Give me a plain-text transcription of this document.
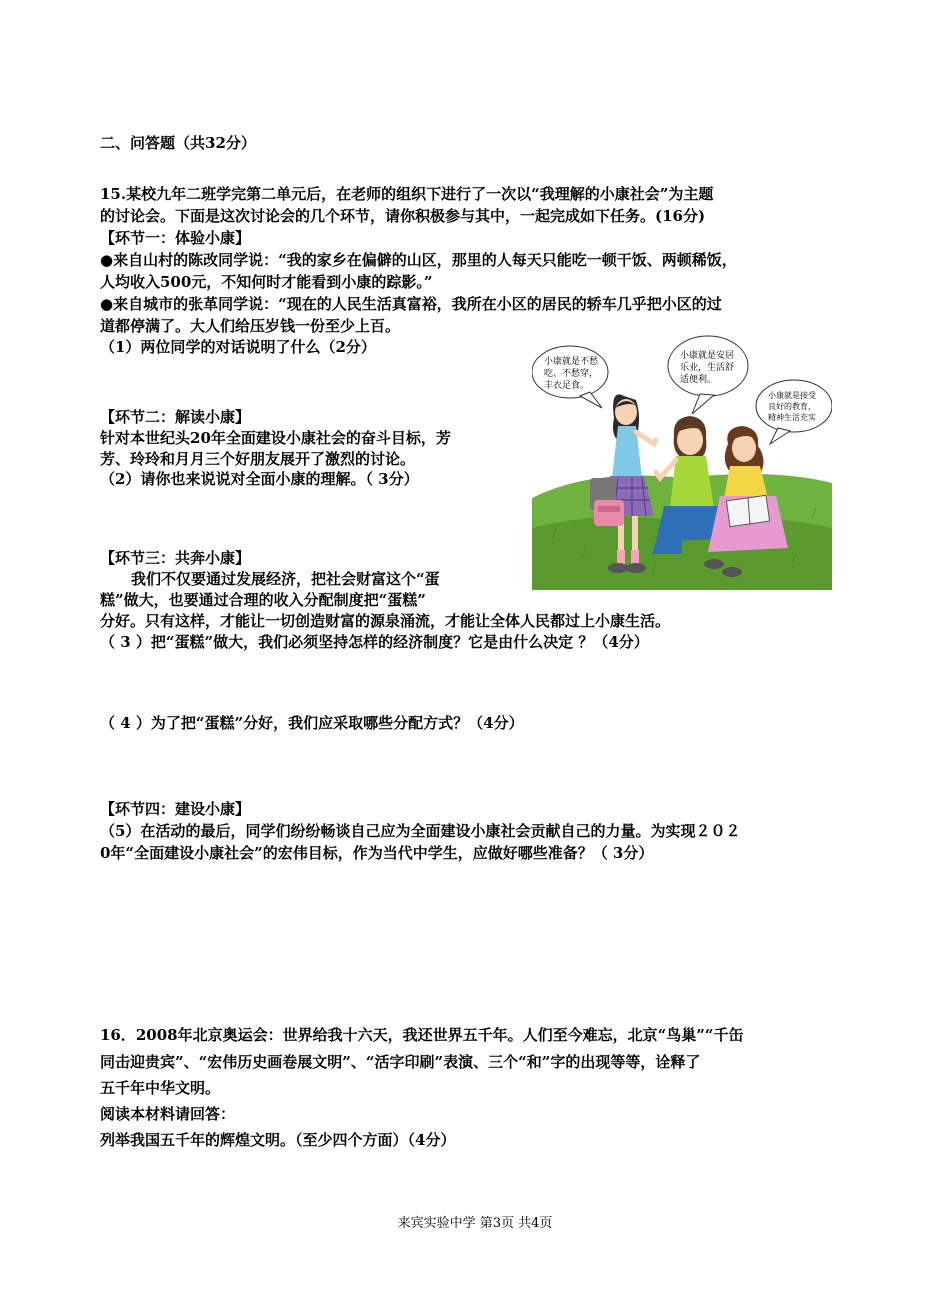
二、问答题（共32分）
15.某校九年二班学完第二单元后，在老师的组织下进行了一次以“我理解的小康社会”为主题
的讨论会。下面是这次讨论会的几个环节，请你积极参与其中，一起完成如下任务。(16分)
【环节一：体验小康】
●来自山村的陈改同学说：“我的家乡在偏僻的山区，那里的人每天只能吃一顿干饭、两顿稀饭，
人均收入500元，不知何时才能看到小康的踪影。”
●来自城市的张革同学说：“现在的人民生活真富裕，我所在小区的居民的轿车几乎把小区的过
道都停满了。大人们给压岁钱一份至少上百。
（1）两位同学的对话说明了什么（2分）
【环节二：解读小康】
针对本世纪头20年全面建设小康社会的奋斗目标，芳
芳、玲玲和月月三个好朋友展开了激烈的讨论。
（2）请你也来说说对全面小康的理解。（ 3分）
【环节三：共奔小康】
我们不仅要通过发展经济，把社会财富这个“蛋
糕”做大，也要通过合理的收入分配制度把“蛋糕”
分好。只有这样，才能让一切创造财富的源泉涌流，才能让全体人民都过上小康生活。
（ 3 ）把“蛋糕”做大，我们必须坚持怎样的经济制度？它是由什么决定 ？（4分）
（ 4 ）为了把“蛋糕”分好，我们应采取哪些分配方式？（4分）
【环节四：建设小康】
（5）在活动的最后，同学们纷纷畅谈自己应为全面建设小康社会贡献自己的力量。为实现２０２
0年“全面建设小康社会”的宏伟目标，作为当代中学生，应做好哪些准备？（ 3分）
16．2008年北京奥运会：世界给我十六天，我还世界五千年。人们至今难忘，北京“鸟巢”“千缶
同击迎贵宾”、“宏伟历史画卷展文明”、“活字印刷”表演、三个“和”字的出现等等，诠释了
五千年中华文明。
阅读本材料请回答：
列举我国五千年的辉煌文明。（至少四个方面）（4分）
小康就是不愁
吃、不愁穿，
丰衣足食。
小康就是安居
乐业，生活舒
适便利。
小康就是接受
良好的教育，
精神生活充实
来宾实验中学 第3页 共4页
